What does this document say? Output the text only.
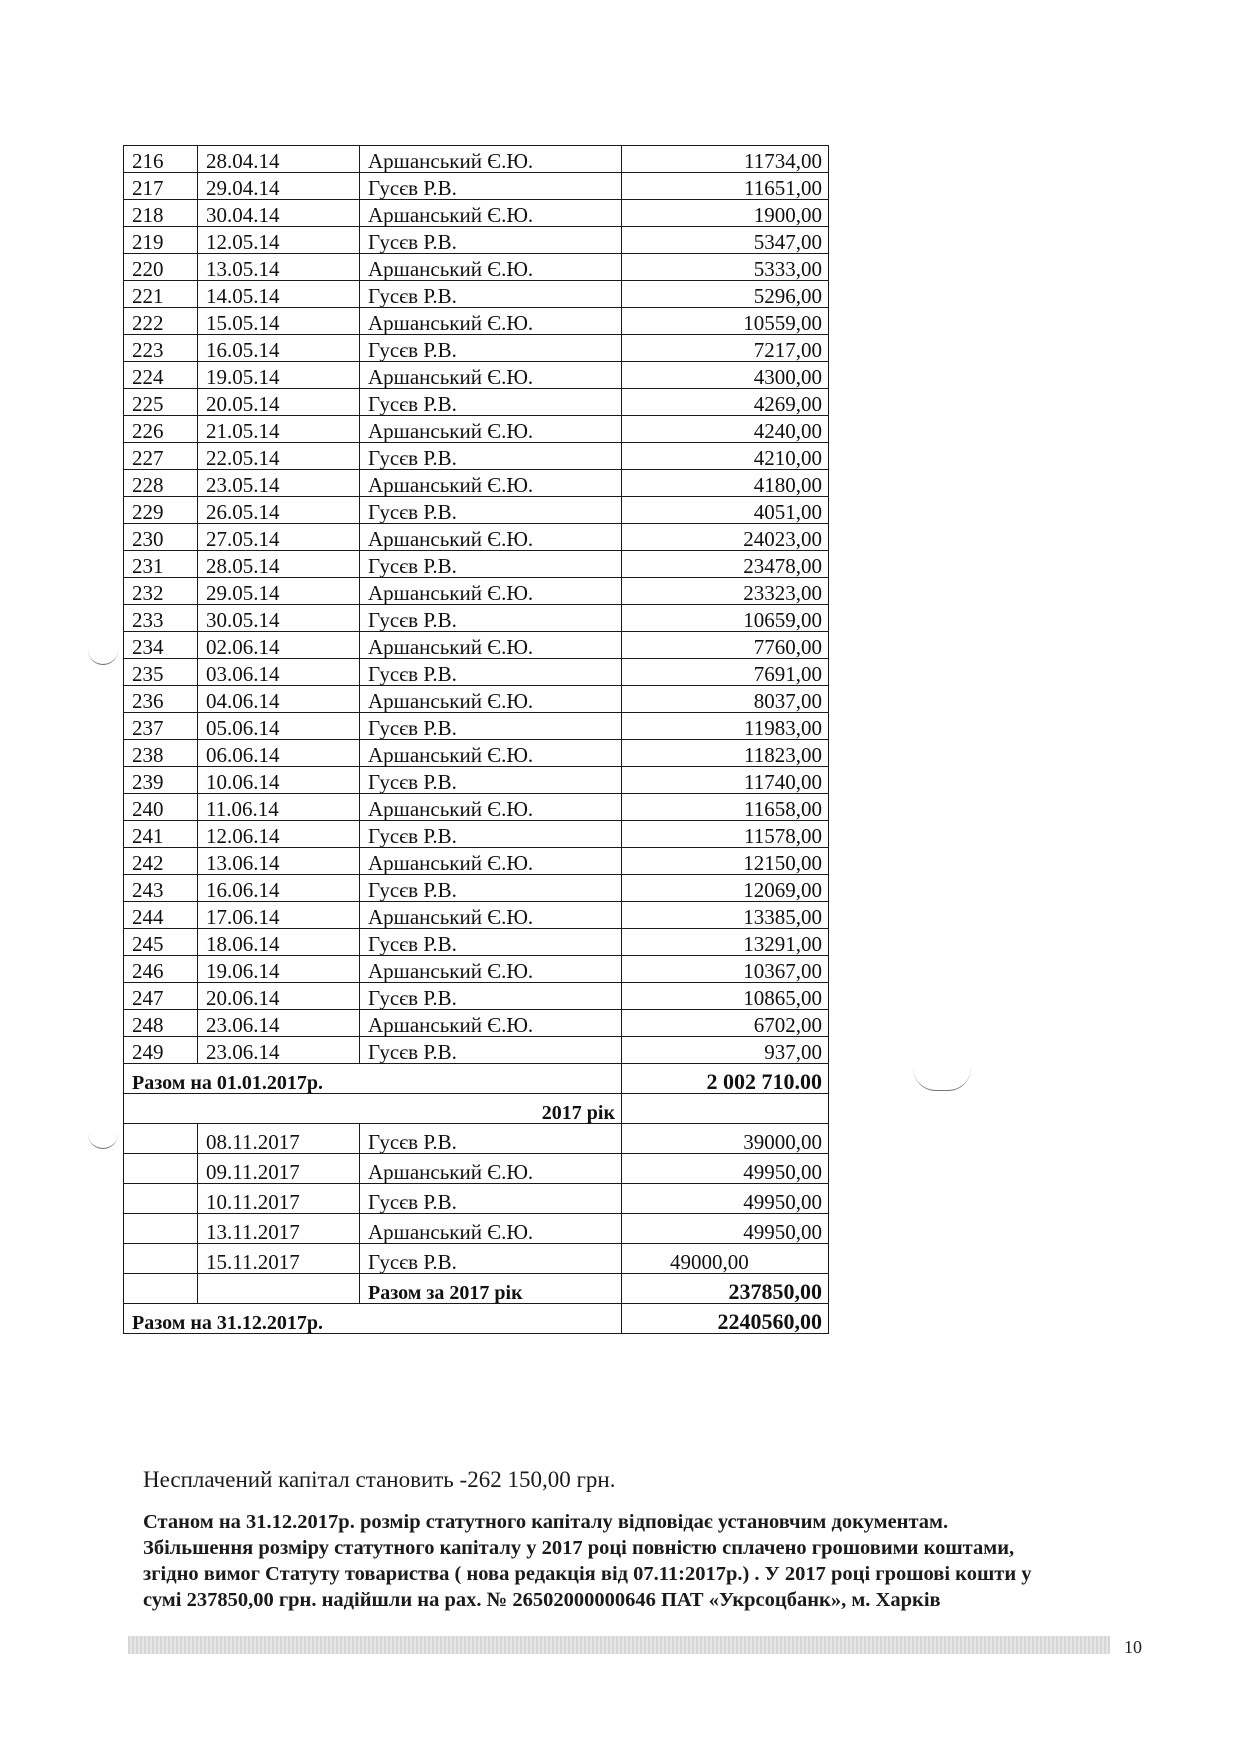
216	28.04.14	Аршанський Є.Ю.	11734,00
217	29.04.14	Гусєв Р.В.	11651,00
218	30.04.14	Аршанський Є.Ю.	1900,00
219	12.05.14	Гусєв Р.В.	5347,00
220	13.05.14	Аршанський Є.Ю.	5333,00
221	14.05.14	Гусєв Р.В.	5296,00
222	15.05.14	Аршанський Є.Ю.	10559,00
223	16.05.14	Гусєв Р.В.	7217,00
224	19.05.14	Аршанський Є.Ю.	4300,00
225	20.05.14	Гусєв Р.В.	4269,00
226	21.05.14	Аршанський Є.Ю.	4240,00
227	22.05.14	Гусєв Р.В.	4210,00
228	23.05.14	Аршанський Є.Ю.	4180,00
229	26.05.14	Гусєв Р.В.	4051,00
230	27.05.14	Аршанський Є.Ю.	24023,00
231	28.05.14	Гусєв Р.В.	23478,00
232	29.05.14	Аршанський Є.Ю.	23323,00
233	30.05.14	Гусєв Р.В.	10659,00
234	02.06.14	Аршанський Є.Ю.	7760,00
235	03.06.14	Гусєв Р.В.	7691,00
236	04.06.14	Аршанський Є.Ю.	8037,00
237	05.06.14	Гусєв Р.В.	11983,00
238	06.06.14	Аршанський Є.Ю.	11823,00
239	10.06.14	Гусєв Р.В.	11740,00
240	11.06.14	Аршанський Є.Ю.	11658,00
241	12.06.14	Гусєв Р.В.	11578,00
242	13.06.14	Аршанський Є.Ю.	12150,00
243	16.06.14	Гусєв Р.В.	12069,00
244	17.06.14	Аршанський Є.Ю.	13385,00
245	18.06.14	Гусєв Р.В.	13291,00
246	19.06.14	Аршанський Є.Ю.	10367,00
247	20.06.14	Гусєв Р.В.	10865,00
248	23.06.14	Аршанський Є.Ю.	6702,00
249	23.06.14	Гусєв Р.В.	937,00
Разом на 01.01.2017р.			2 002 710.00
2017 рік			
	08.11.2017	Гусєв Р.В.	39000,00
	09.11.2017	Аршанський Є.Ю.	49950,00
	10.11.2017	Гусєв Р.В.	49950,00
	13.11.2017	Аршанський Є.Ю.	49950,00
	15.11.2017	Гусєв Р.В.	49000,00
		Разом за 2017 рік	237850,00
Разом на 31.12.2017р.			2240560,00
Несплачений капітал становить -262 150,00 грн.
Станом на 31.12.2017р. розмір статутного капіталу відповідає установчим документам.
Збільшення розміру статутного капіталу у 2017 році повністю сплачено грошовими коштами,
згідно вимог Статуту товариства ( нова редакція від 07.11:2017р.) . У 2017 році грошові кошти у
сумі 237850,00 грн. надійшли на рах. № 26502000000646 ПАТ «Укрсоцбанк», м. Харків
10
